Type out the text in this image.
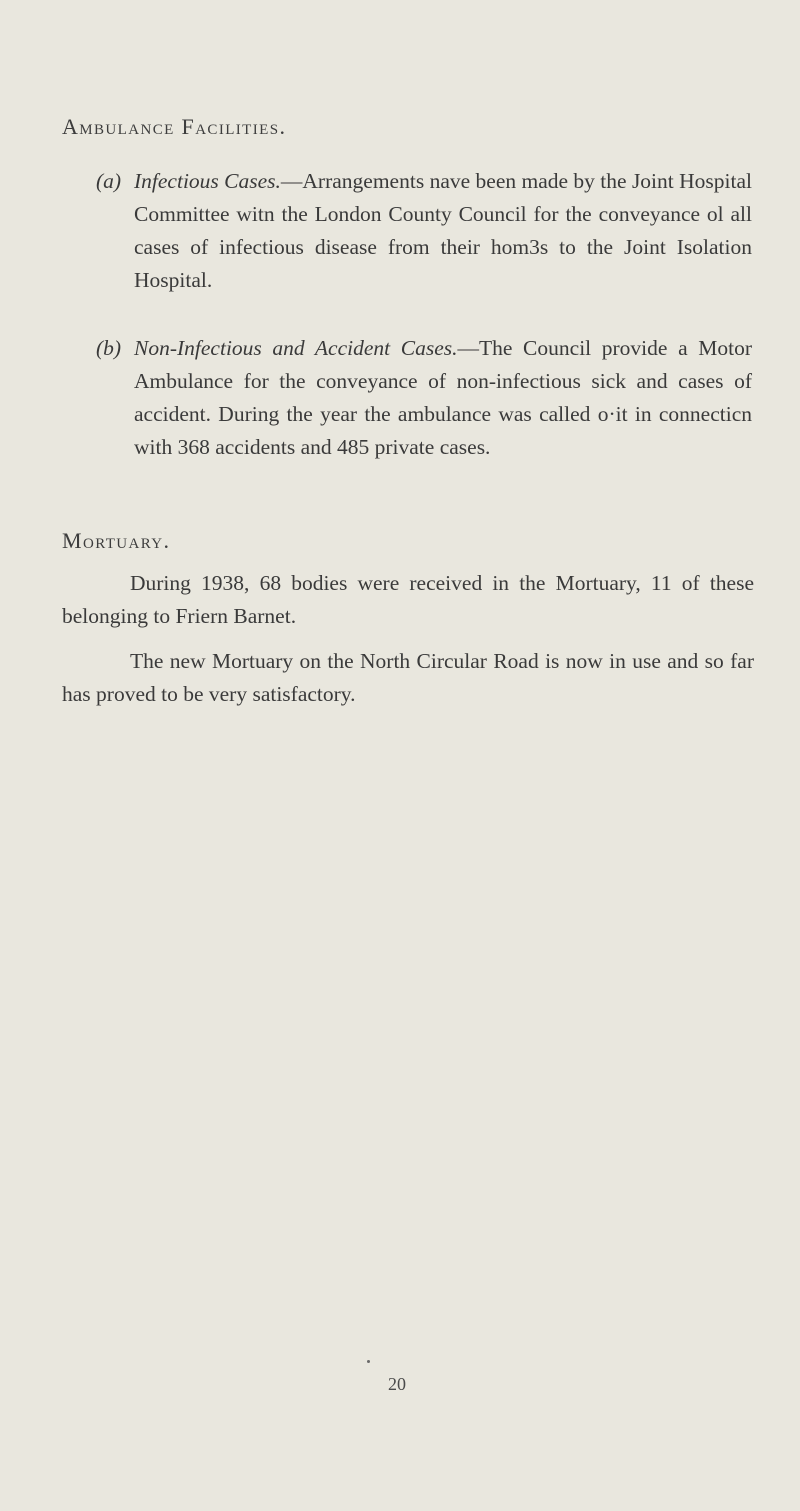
Ambulance Facilities.
(a) Infectious Cases.—Arrangements nave been made by the Joint Hospital Committee witn the London County Council for the conveyance ol all cases of infectious disease from their hom3s to the Joint Isolation Hospital.
(b) Non-Infectious and Accident Cases.—The Council provide a Motor Ambulance for the conveyance of non-infectious sick and cases of accident. During the year the ambulance was called o·it in connecticn with 368 accidents and 485 private cases.
Mortuary.

During 1938, 68 bodies were received in the Mortuary, 11 of these belonging to Friern Barnet.

The new Mortuary on the North Circular Road is now in use and so far has proved to be very satisfactory.

20
